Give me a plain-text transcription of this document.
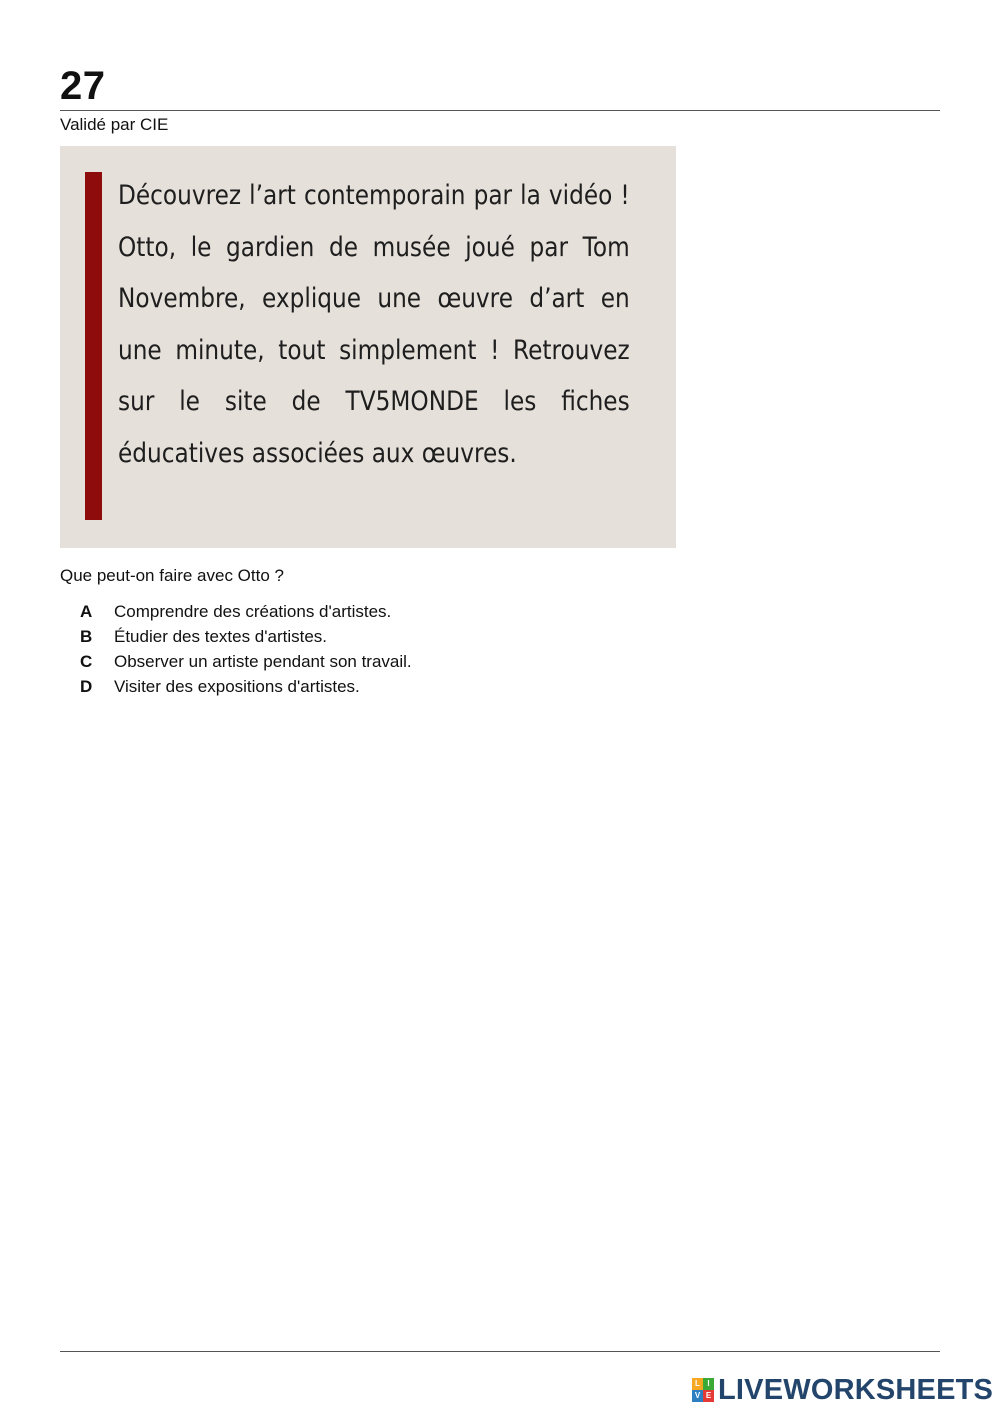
27
Validé par CIE
Découvrez l’art contemporain par la vidéo ! Otto, le gardien de musée joué par Tom Novembre, explique une œuvre d’art en une minute, tout simplement ! Retrouvez sur le site de TV5MONDE les fiches éducatives associées aux œuvres.
Que peut-on faire avec Otto ?
A Comprendre des créations d'artistes.
B Étudier des textes d'artistes.
C Observer un artiste pendant son travail.
D Visiter des expositions d'artistes.
L I
V E LIVEWORKSHEETS
